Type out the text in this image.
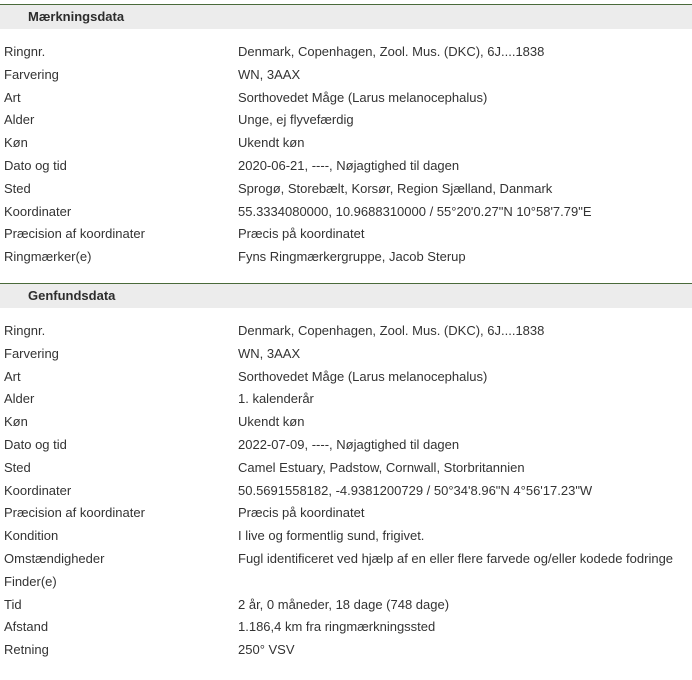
Mærkningsdata
Ringnr.	Denmark, Copenhagen, Zool. Mus. (DKC), 6J....1838
Farvering	WN, 3AAX
Art	Sorthovedet Måge (Larus melanocephalus)
Alder	Unge, ej flyvefærdig
Køn	Ukendt køn
Dato og tid	2020-06-21, ----, Nøjagtighed til dagen
Sted	Sprogø, Storebælt, Korsør, Region Sjælland, Danmark
Koordinater	55.3334080000, 10.9688310000 / 55°20'0.27"N 10°58'7.79"E
Præcision af koordinater	Præcis på koordinatet
Ringmærker(e)	Fyns Ringmærkergruppe, Jacob Sterup
Genfundsdata
Ringnr.	Denmark, Copenhagen, Zool. Mus. (DKC), 6J....1838
Farvering	WN, 3AAX
Art	Sorthovedet Måge (Larus melanocephalus)
Alder	1. kalenderår
Køn	Ukendt køn
Dato og tid	2022-07-09, ----, Nøjagtighed til dagen
Sted	Camel Estuary, Padstow, Cornwall, Storbritannien
Koordinater	50.5691558182, -4.9381200729 / 50°34'8.96"N 4°56'17.23"W
Præcision af koordinater	Præcis på koordinatet
Kondition	I live og formentlig sund, frigivet.
Omstændigheder	Fugl identificeret ved hjælp af en eller flere farvede og/eller kodede fodringe
Finder(e)
Tid	2 år, 0 måneder, 18 dage (748 dage)
Afstand	1.186,4 km fra ringmærkningssted
Retning	250° VSV
